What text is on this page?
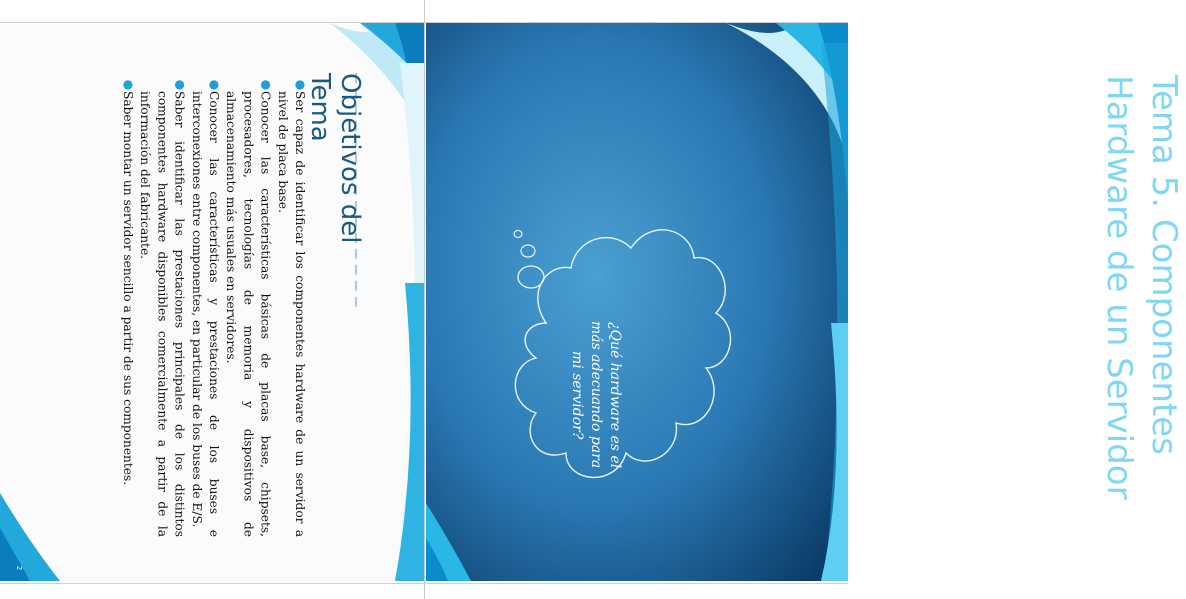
Objetivos del Tema
●
Ser capaz de identificar los componentes hardware de un servidor a nivel de placa base.
●
Conocer las características básicas de placas base, chipsets, procesadores, tecnologías de memoria y dispositivos de almacenamiento más usuales en servidores.
●
Conocer las características y prestaciones de los buses e interconexiones entre componentes, en particular de los buses de E/S.
●
Saber identificar las prestaciones principales de los distintos componentes hardware disponibles comercialmente a partir de la información del fabricante.
●
Saber montar un servidor sencillo a partir de sus componentes.
2
Tema 5. Componentes
Hardware de un Servidor
¿Qué hardware es el más adecuando para mi servidor?
